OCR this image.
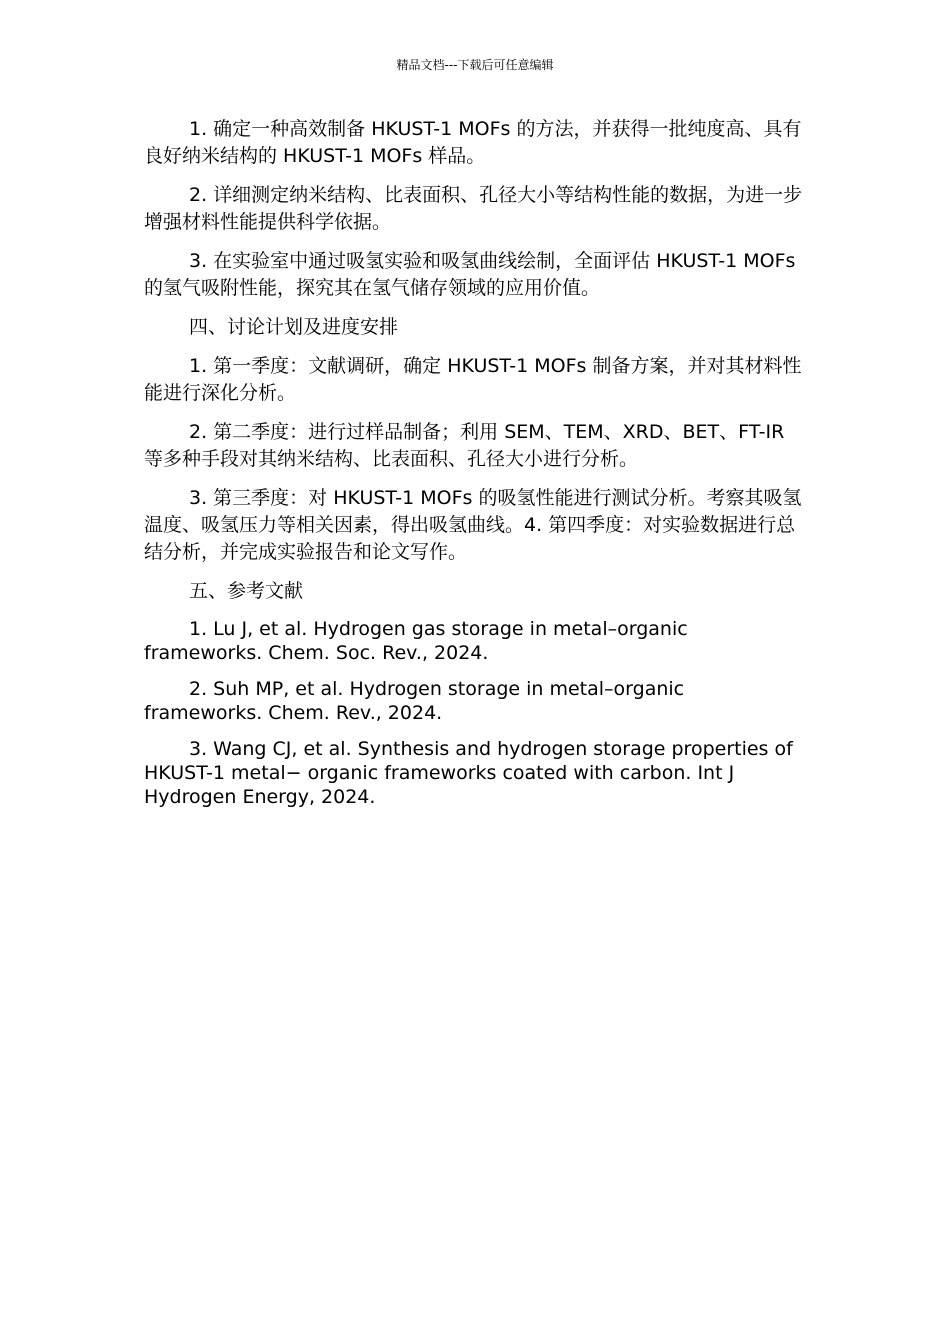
精品文档---下载后可任意编辑

1. 确定一种高效制备 HKUST-1 MOFs 的方法，并获得一批纯度高、具有良好纳米结构的 HKUST-1 MOFs 样品。

2. 详细测定纳米结构、比表面积、孔径大小等结构性能的数据，为进一步增强材料性能提供科学依据。

3. 在实验室中通过吸氢实验和吸氢曲线绘制，全面评估 HKUST-1 MOFs 的氢气吸附性能，探究其在氢气储存领域的应用价值。

四、讨论计划及进度安排

1. 第一季度：文献调研，确定 HKUST-1 MOFs 制备方案，并对其材料性能进行深化分析。

2. 第二季度：进行过样品制备；利用 SEM、TEM、XRD、BET、FT-IR 等多种手段对其纳米结构、比表面积、孔径大小进行分析。

3. 第三季度：对 HKUST-1 MOFs 的吸氢性能进行测试分析。考察其吸氢温度、吸氢压力等相关因素，得出吸氢曲线。4. 第四季度：对实验数据进行总结分析，并完成实验报告和论文写作。

五、参考文献

1. Lu J, et al. Hydrogen gas storage in metal–organic frameworks. Chem. Soc. Rev., 2024.

2. Suh MP, et al. Hydrogen storage in metal–organic frameworks. Chem. Rev., 2024.

3. Wang CJ, et al. Synthesis and hydrogen storage properties of HKUST-1 metal− organic frameworks coated with carbon. Int J Hydrogen Energy, 2024.
